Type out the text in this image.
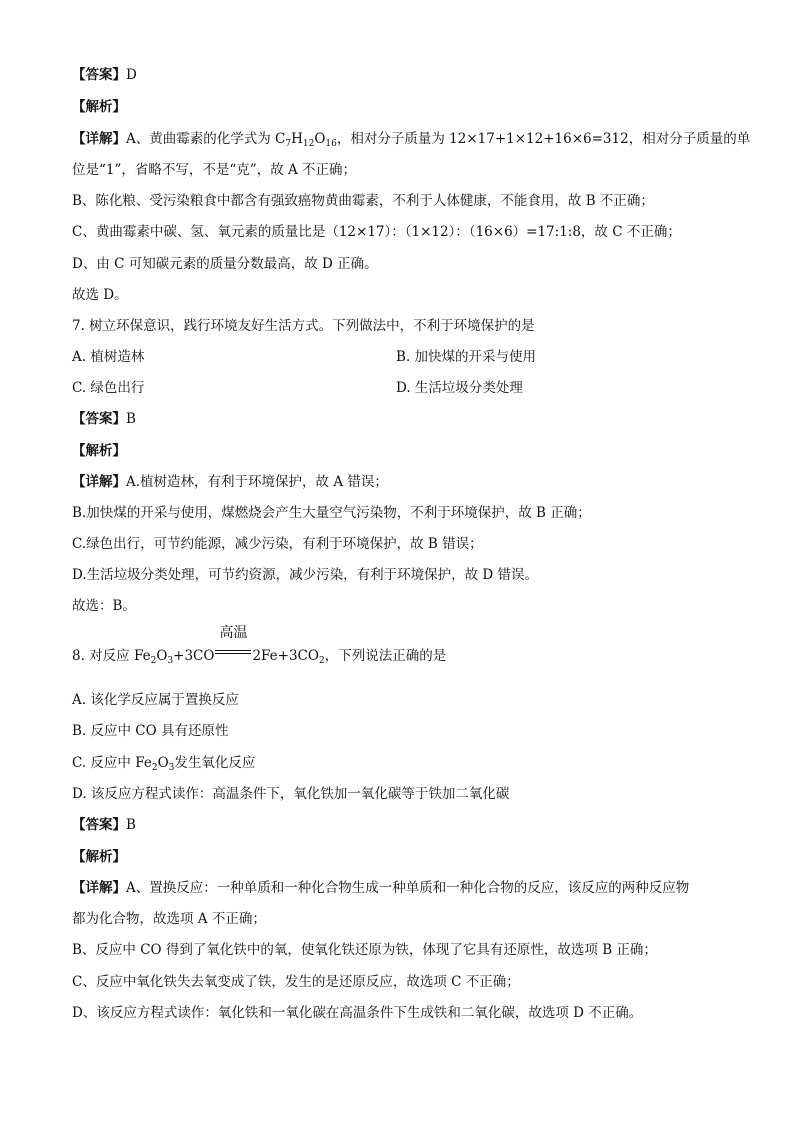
【答案】D
【解析】
【详解】A、黄曲霉素的化学式为 $C_7H_{12}O_{16}$，相对分子质量为 12×17+1×12+16×6=312，相对分子质量的单
位是“1”，省略不写，不是“克”，故 A 不正确；
B、陈化粮、受污染粮食中都含有强致癌物黄曲霉素，不利于人体健康，不能食用，故 B 不正确；
C、黄曲霉素中碳、氢、氧元素的质量比是（12×17）：（1×12）：（16×6）=17:1:8，故 C 不正确；
D、由 C 可知碳元素的质量分数最高，故 D 正确。
故选 D。
7. 树立环保意识，践行环境友好生活方式。下列做法中，不利于环境保护的是
A. 植树造林	B. 加快煤的开采与使用
C. 绿色出行	D. 生活垃圾分类处理
【答案】B
【解析】
【详解】A.植树造林，有利于环境保护，故 A 错误；
B.加快煤的开采与使用，煤燃烧会产生大量空气污染物，不利于环境保护，故 B 正确；
C.绿色出行，可节约能源，减少污染，有利于环境保护，故 B 错误；
D.生活垃圾分类处理，可节约资源，减少污染，有利于环境保护，故 D 错误。
故选：B。
8. 对反应 $Fe_2O_3+3CO$
高温
$2Fe+3CO_2$，下列说法正确的是
A. 该化学反应属于置换反应
B. 反应中 CO 具有还原性
C. 反应中 $Fe_2O_3$发生氧化反应
D. 该反应方程式读作：高温条件下，氧化铁加一氧化碳等于铁加二氧化碳
【答案】B
【解析】
【详解】A、置换反应：一种单质和一种化合物生成一种单质和一种化合物的反应，该反应的两种反应物
都为化合物，故选项 A 不正确；
B、反应中 CO 得到了氧化铁中的氧，使氧化铁还原为铁，体现了它具有还原性，故选项 B 正确；
C、反应中氧化铁失去氧变成了铁，发生的是还原反应，故选项 C 不正确；
D、该反应方程式读作：氧化铁和一氧化碳在高温条件下生成铁和二氧化碳，故选项 D 不正确。
